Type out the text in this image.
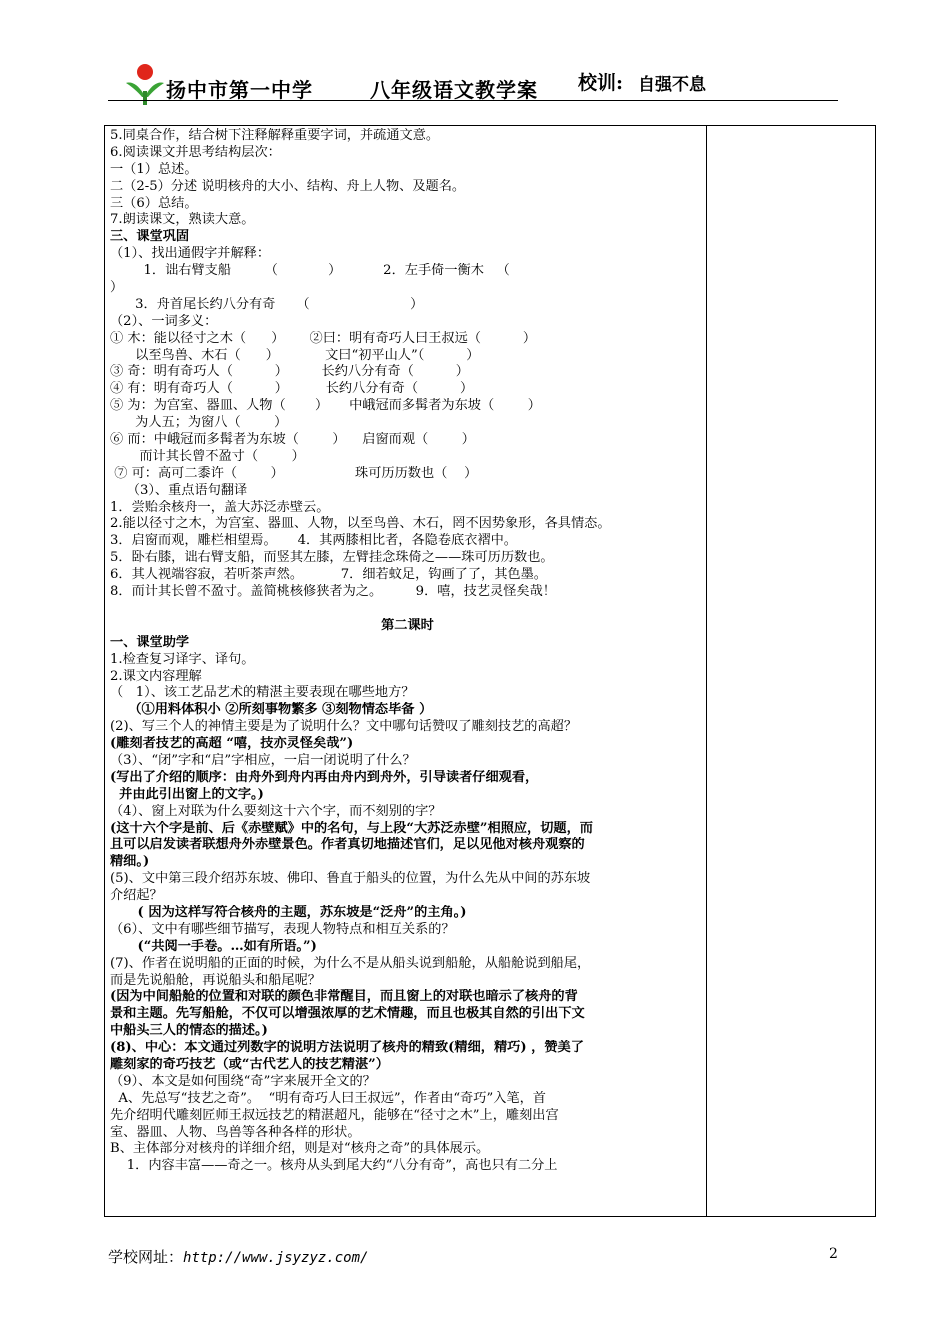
扬中市第一中学	八年级语文教学案 校训: 自强不息
5.同桌合作，结合树下注释解释重要字词，并疏通文意。
6.阅读课文并思考结构层次：
一（1）总述。
二（2-5）分述 说明核舟的大小、结构、舟上人物、及题名。
三（6）总结。
7.朗读课文，熟读大意。
三、课堂巩固
（1）、找出通假字并解释：
1．诎右臂支船        （            ）          2．左手倚一衡木   （
）
3．舟首尾长约八分有奇     （                        ）
（2）、一词多义：
① 木：能以径寸之木（      ）      ②曰：明有奇巧人曰王叔远（          ）
以至鸟兽、木石（      ）           文曰“初平山人”（          ）
③ 奇：明有奇巧人（          ）        长约八分有奇（          ）
④ 有：明有奇巧人（          ）         长约八分有奇（          ）
⑤ 为：为宫室、器皿、人物（       ）     中峨冠而多髯者为东坡（        ）
为人五；为窗八（        ）
⑥ 而：中峨冠而多髯者为东坡（        ）    启窗而观（        ）
而计其长曾不盈寸（        ）
⑦ 可：高可二黍许（        ）                 珠可历历数也（    ）
（3）、重点语句翻译
1．尝贻余核舟一，盖大苏泛赤壁云。
2.能以径寸之木，为宫室、器皿、人物，以至鸟兽、木石，罔不因势象形，各具情态。
3．启窗而观，雕栏相望焉。     4．其两膝相比者，各隐卷底衣褶中。
5．卧右膝，诎右臂支船，而竖其左膝，左臂挂念珠倚之——珠可历历数也。
6．其人视端容寂，若听茶声然。         7．细若蚊足，钩画了了，其色墨。
8．而计其长曾不盈寸。盖简桃核修狭者为之。        9．嘻，技艺灵怪矣哉！
第二课时
一、课堂助学
1.检查复习译字、译句。
2.课文内容理解
（   1）、该工艺品艺术的精湛主要表现在哪些地方？
（①用料体积小 ②所刻事物繁多 ③刻物情态毕备 ）
(2)、写三个人的神情主要是为了说明什么？文中哪句话赞叹了雕刻技艺的高超？
(雕刻者技艺的高超 “嘻，技亦灵怪矣哉”)
（3）、“闭”字和“启”字相应，一启一闭说明了什么？
(写出了介绍的顺序：由舟外到舟内再由舟内到舟外，引导读者仔细观看，
并由此引出窗上的文字。)
（4）、窗上对联为什么要刻这十六个字，而不刻别的字？
(这十六个字是前、后《赤壁赋》中的名句，与上段“大苏泛赤壁”相照应，切题，而
且可以启发读者联想舟外赤壁景色。作者真切地描述官们，足以见他对核舟观察的
精细。)
(5)、文中第三段介绍苏东坡、佛印、鲁直于船头的位置，为什么先从中间的苏东坡
介绍起？
( 因为这样写符合核舟的主题，苏东坡是“泛舟”的主角。)
（6）、文中有哪些细节描写，表现人物特点和相互关系的？
(“共阅一手卷。…如有所语。”)
(7)、作者在说明船的正面的时候，为什么不是从船头说到船舱，从船舱说到船尾，
而是先说船舱，再说船头和船尾呢？
(因为中间船舱的位置和对联的颜色非常醒目，而且窗上的对联也暗示了核舟的背
景和主题。先写船舱，不仅可以增强浓厚的艺术情趣，而且也极其自然的引出下文
中船头三人的情态的描述。)
(8)、中心：本文通过列数字的说明方法说明了核舟的精致(精细，精巧) ，赞美了
雕刻家的奇巧技艺（或“古代艺人的技艺精湛”）
（9）、本文是如何围绕“奇”字来展开全文的？
A、先总写“技艺之奇”。  “明有奇巧人曰王叔远”，作者由“奇巧”入笔，首
先介绍明代雕刻匠师王叔远技艺的精湛超凡，能够在“径寸之木”上，雕刻出宫
室、器皿、人物、鸟兽等各种各样的形状。
B、主体部分对核舟的详细介绍，则是对“核舟之奇”的具体展示。
1．内容丰富——奇之一。核舟从头到尾大约“八分有奇”，高也只有二分上
学校网址：http://www.jsyzyz.com/	2
